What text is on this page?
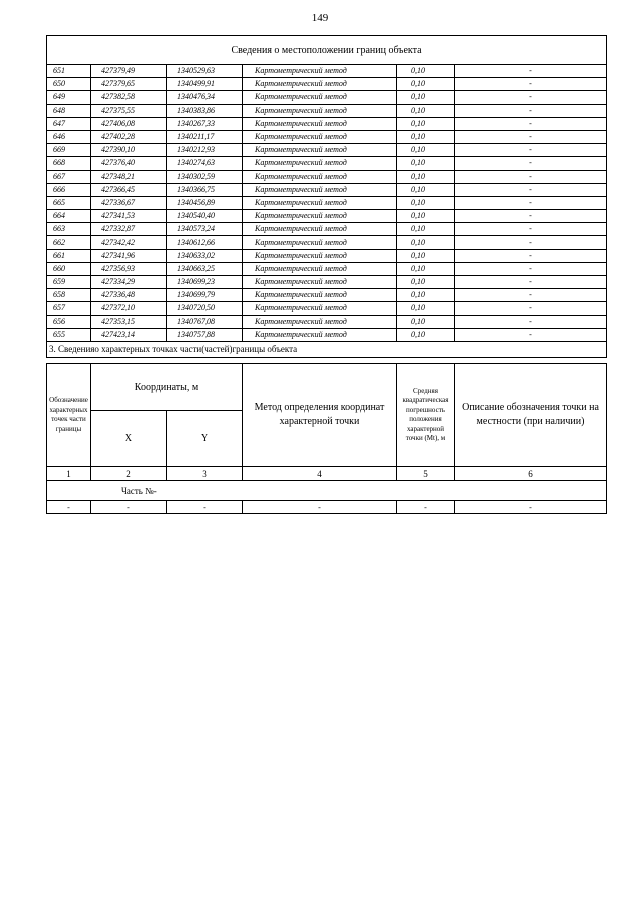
149
Сведения о местоположении границ объекта					
651	427379,49	1340529,63	Картометрический метод	0,10	-
650	427379,65	1340499,91	Картометрический метод	0,10	-
649	427382,58	1340476,34	Картометрический метод	0,10	-
648	427375,55	1340383,86	Картометрический метод	0,10	-
647	427406,08	1340267,33	Картометрический метод	0,10	-
646	427402,28	1340211,17	Картометрический метод	0,10	-
669	427390,10	1340212,93	Картометрический метод	0,10	-
668	427376,40	1340274,63	Картометрический метод	0,10	-
667	427348,21	1340302,59	Картометрический метод	0,10	-
666	427366,45	1340366,75	Картометрический метод	0,10	-
665	427336,67	1340456,89	Картометрический метод	0,10	-
664	427341,53	1340540,40	Картометрический метод	0,10	-
663	427332,87	1340573,24	Картометрический метод	0,10	-
662	427342,42	1340612,66	Картометрический метод	0,10	-
661	427341,96	1340633,02	Картометрический метод	0,10	-
660	427356,93	1340663,25	Картометрический метод	0,10	-
659	427334,29	1340699,23	Картометрический метод	0,10	-
658	427336,48	1340699,79	Картометрический метод	0,10	-
657	427372,10	1340720,50	Картометрический метод	0,10	-
656	427353,15	1340767,08	Картометрический метод	0,10	-
655	427423,14	1340757,88	Картометрический метод	0,10	-
3. Сведенияо характерных точках части(частей)границы объекта					
Обозначение характерных точек части границы	Координаты, м		Метод определения координат характерной точки	Средняя квадратическая погрешность положения характерной точки (Mt), м	Описание обозначения точки на местности (при наличии)
	X	Y			
1	2	3	4	5	6
Часть №-					
-	-	-	-	-	-
